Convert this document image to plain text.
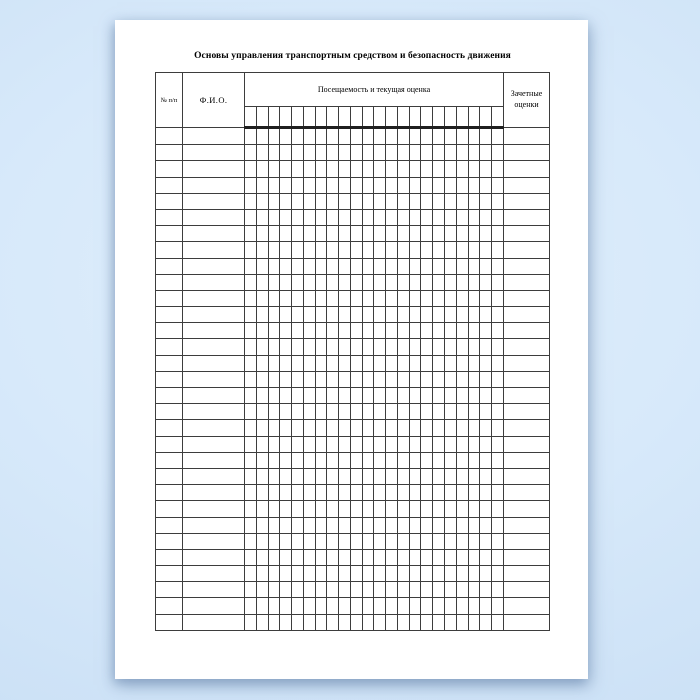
Основы управления транспортным средством и безопасность движения
№ п/п	Ф.И.О.	Посещаемость и текущая оценка																						Зачетные оценки
